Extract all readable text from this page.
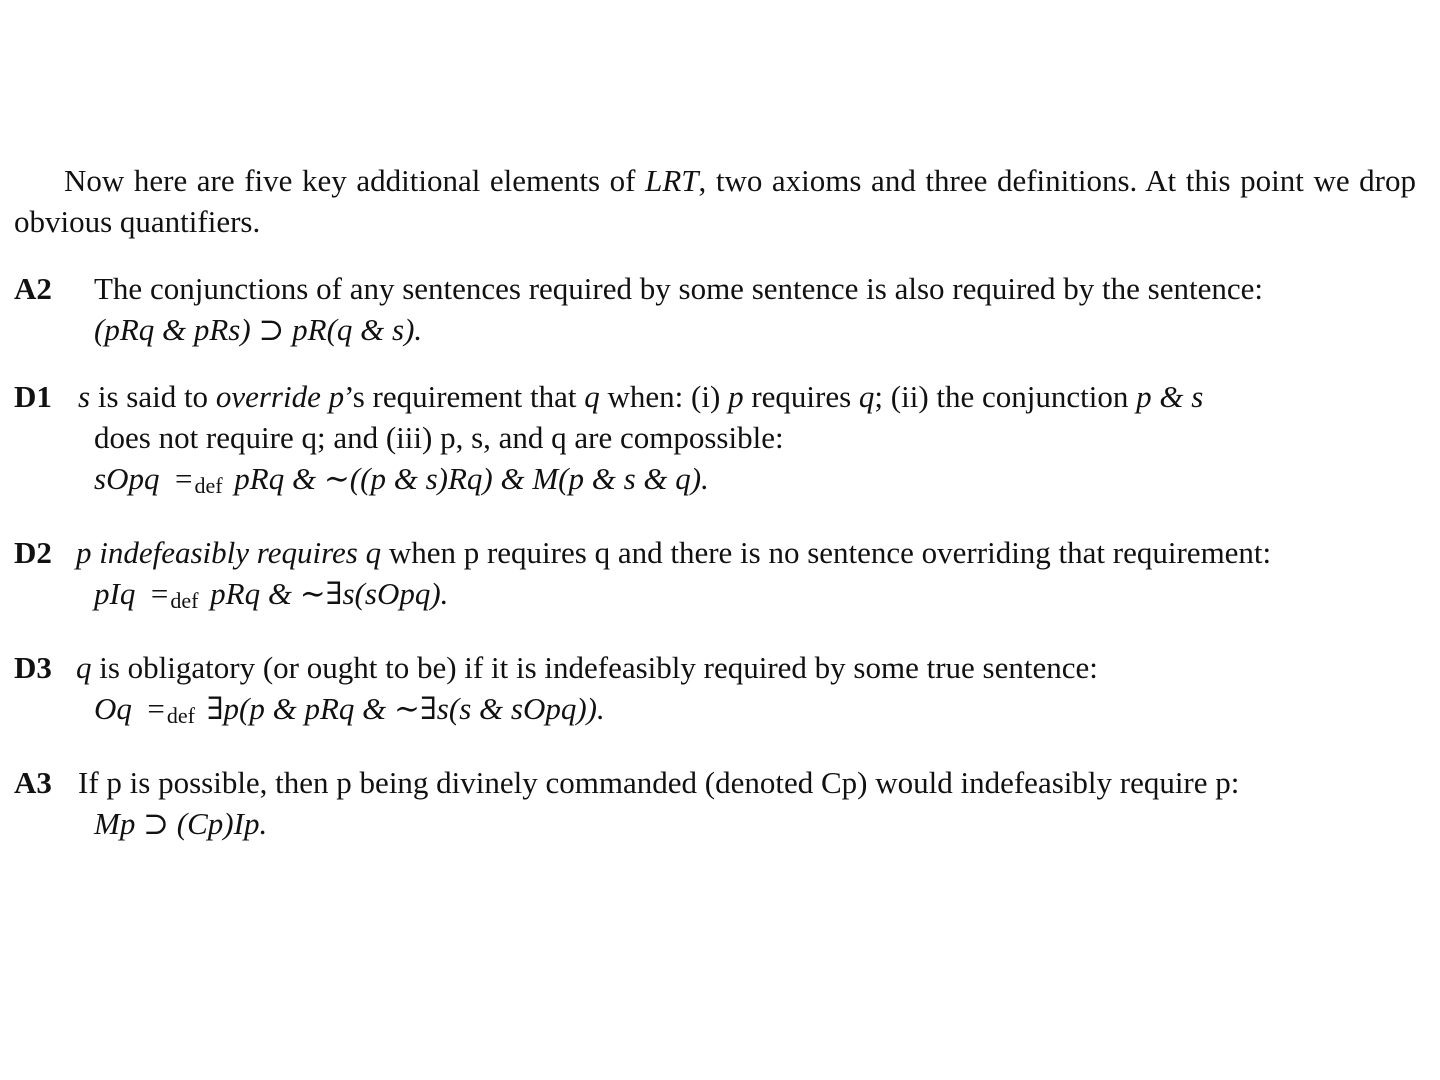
Now here are five key additional elements of LRT, two axioms and three definitions. At this point we drop obvious quantifiers.

A2 The conjunctions of any sentences required by some sentence is also required by the sentence:
(pRq & pRs) ⊃ pR(q & s).
D1 s is said to override p’s requirement that q when: (i) p requires q; (ii) the conjunction p & s
does not require q; and (iii) p, s, and q are compossible:
sOpq =def pRq & ∼((p & s)Rq) & M(p & s & q).
D2 p indefeasibly requires q when p requires q and there is no sentence overriding that requirement:
pIq =def pRq & ∼∃s(sOpq).
D3 q is obligatory (or ought to be) if it is indefeasibly required by some true sentence:
Oq =def ∃p(p & pRq & ∼∃s(s & sOpq)).
A3 If p is possible, then p being divinely commanded (denoted Cp) would indefeasibly require p:
Mp ⊃ (Cp)Ip.
